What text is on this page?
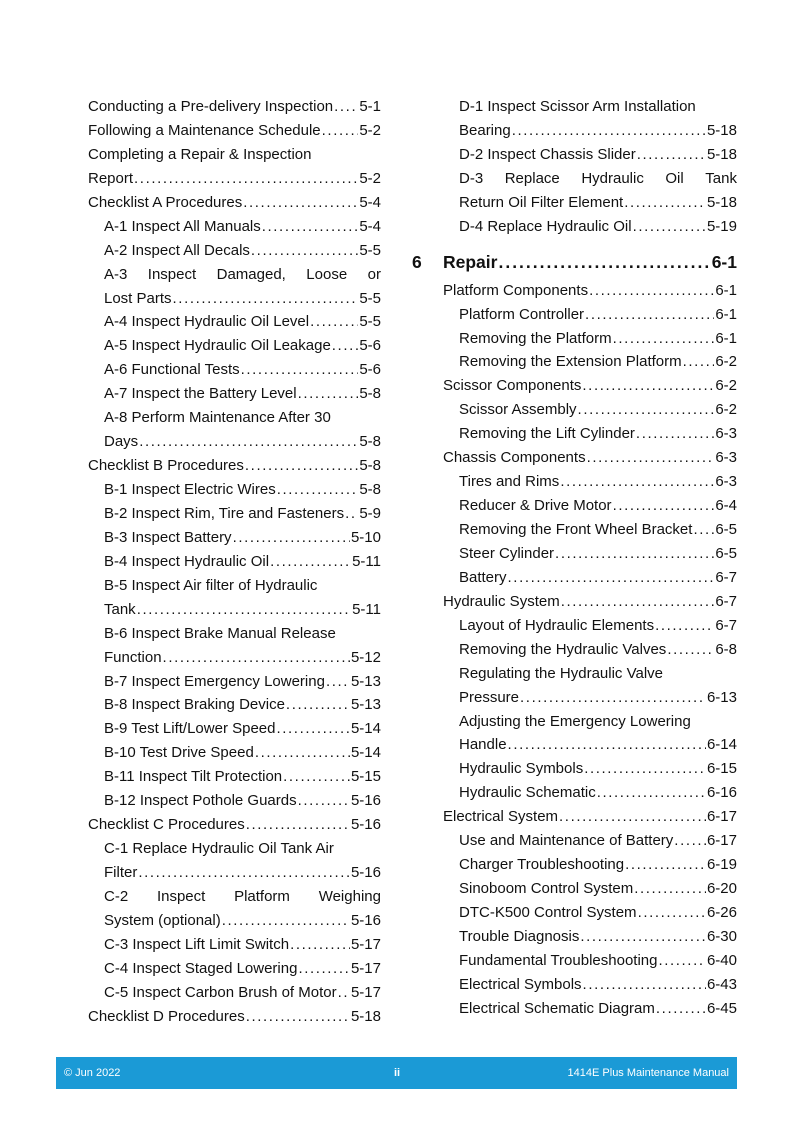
Conducting a Pre-delivery Inspection ..... 5-1
Following a Maintenance Schedule .....	5-2
Completing a Repair & Inspection
Report .....	5-2
Checklist A Procedures .....	5-4
A-1 Inspect All Manuals .....	5-4
A-2 Inspect All Decals .....	5-5
A-3 Inspect Damaged, Loose or
Lost Parts .....	5-5
A-4 Inspect Hydraulic Oil Level .....	5-5
A-5 Inspect Hydraulic Oil Leakage ..... 5-6
A-6 Functional Tests .....	5-6
A-7 Inspect the Battery Level .....	5-8
A-8 Perform Maintenance After 30
Days .....	5-8
Checklist B Procedures .....	5-8
B-1 Inspect Electric Wires .....	5-8
B-2 Inspect Rim, Tire and Fasteners ..... 5-9
B-3 Inspect Battery .....	5-10
B-4 Inspect Hydraulic Oil .....	5-11
B-5 Inspect Air filter of Hydraulic
Tank .....	5-11
B-6 Inspect Brake Manual Release
Function .....	5-12
B-7 Inspect Emergency Lowering ..... 5-13
B-8 Inspect Braking Device .....	5-13
B-9 Test Lift/Lower Speed .....	5-14
B-10 Test Drive Speed .....	5-14
B-11 Inspect Tilt Protection .....	5-15
B-12 Inspect Pothole Guards .....	5-16
Checklist C Procedures .....	5-16
C-1 Replace Hydraulic Oil Tank Air
Filter .....	5-16
C-2 Inspect Platform Weighing
System (optional) .....	5-16
C-3 Inspect Lift Limit Switch .....	5-17
C-4 Inspect Staged Lowering .....	5-17
C-5 Inspect Carbon Brush of Motor ..... 5-17
Checklist D Procedures .....	5-18
D-1 Inspect Scissor Arm Installation
Bearing .....	5-18
D-2 Inspect Chassis Slider .....	5-18
D-3 Replace Hydraulic Oil Tank
Return Oil Filter Element .....	5-18
D-4 Replace Hydraulic Oil .....	5-19
6	Repair .....	6-1
Platform Components .....	6-1
Platform Controller .....	6-1
Removing the Platform .....	6-1
Removing the Extension Platform ..... 6-2
Scissor Components .....	6-2
Scissor Assembly .....	6-2
Removing the Lift Cylinder .....	6-3
Chassis Components .....	6-3
Tires and Rims .....	6-3
Reducer & Drive Motor .....	6-4
Removing the Front Wheel Bracket ..... 6-5
Steer Cylinder .....	6-5
Battery .....	6-7
Hydraulic System .....	6-7
Layout of Hydraulic Elements .....	6-7
Removing the Hydraulic Valves .....	6-8
Regulating the Hydraulic Valve
Pressure .....	6-13
Adjusting the Emergency Lowering
Handle .....	6-14
Hydraulic Symbols .....	6-15
Hydraulic Schematic .....	6-16
Electrical System .....	6-17
Use and Maintenance of Battery ..... 6-17
Charger Troubleshooting .....	6-19
Sinoboom Control System .....	6-20
DTC-K500 Control System .....	6-26
Trouble Diagnosis .....	6-30
Fundamental Troubleshooting .....	6-40
Electrical Symbols .....	6-43
Electrical Schematic Diagram .....	6-45
© Jun 2022	ii	1414E Plus Maintenance Manual
